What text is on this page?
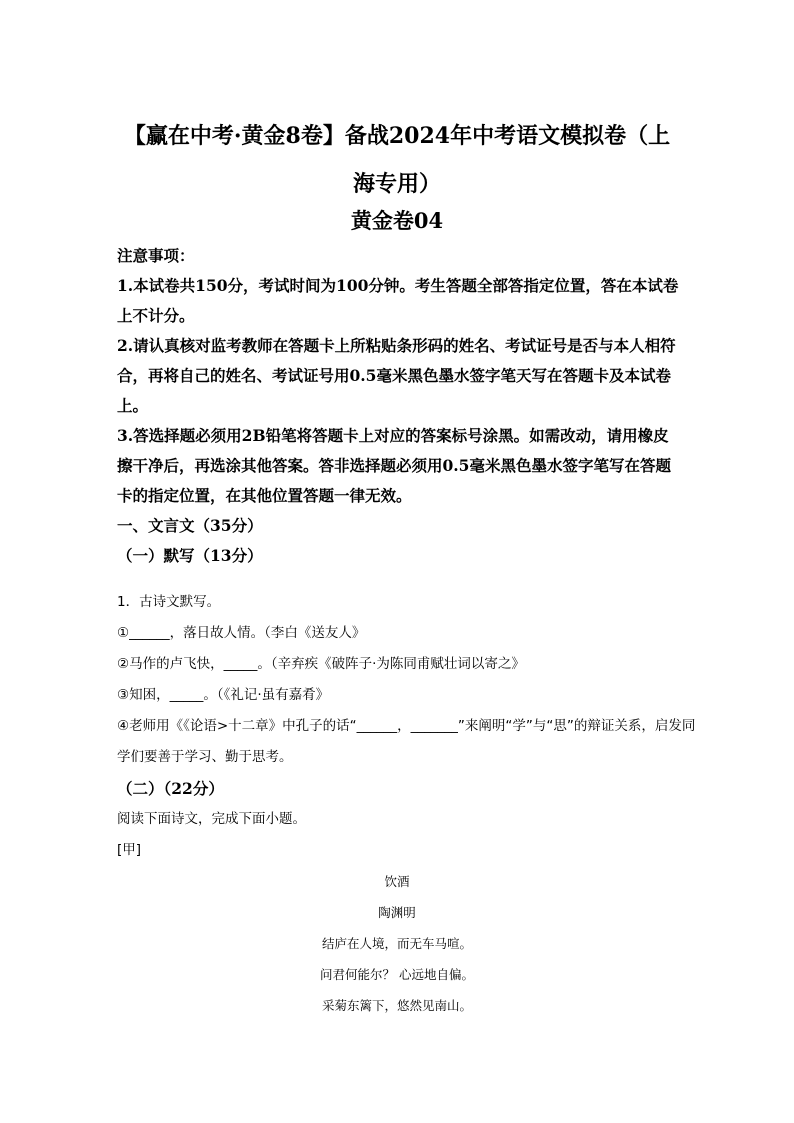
【赢在中考·黄金8卷】备战2024年中考语文模拟卷（上海专用）
黄金卷04

注意事项：

1.本试卷共150分，考试时间为100分钟。考生答题全部答指定位置，答在本试卷上不计分。

2.请认真核对监考教师在答题卡上所粘贴条形码的姓名、考试证号是否与本人相符合，再将自己的姓名、考试证号用0.5毫米黑色墨水签字笔天写在答题卡及本试卷上。

3.答选择题必须用2B铅笔将答题卡上对应的答案标号涂黑。如需改动，请用橡皮擦干净后，再选涂其他答案。答非选择题必须用0.5毫米黑色墨水签字笔写在答题卡的指定位置，在其他位置答题一律无效。

一、文言文（35分）

（一）默写（13分）

1．古诗文默写。

①______，落日故人情。（李白《送友人》

②马作的卢飞快，_____。（辛弃疾《破阵子·为陈同甫赋壮词以寄之》

③知困，_____。（《礼记·虽有嘉肴》

④老师用《《论语>十二章》中孔子的话“______，_______”来阐明“学”与“思”的辩证关系，启发同学们要善于学习、勤于思考。

（二）（22分）

阅读下面诗文，完成下面小题。

[甲]

饮酒

陶渊明

结庐在人境，而无车马喧。

问君何能尔？ 心远地自偏。

采菊东篱下，悠然见南山。
